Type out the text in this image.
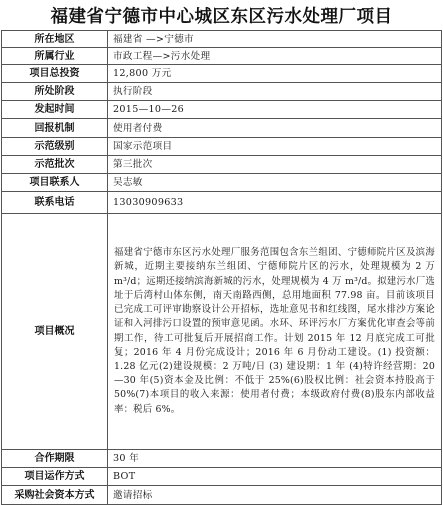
福建省宁德市中心城区东区污水处理厂项目
所在地区	福建省 —>宁德市
所属行业	市政工程—>污水处理
项目总投资	12,800 万元
所处阶段	执行阶段
发起时间	2015—10—26
回报机制	使用者付费
示范级别	国家示范项目
示范批次	第三批次
项目联系人	吴志敏
联系电话	13030909633
项目概况	福建省宁德市东区污水处理厂服务范围包含东兰组团、宁德师院片区及滨海新城，近期主要接纳东兰组团、宁德师院片区的污水，处理规模为 2 万 m³/d；远期还接纳滨海新城的污水，处理规模为 4 万 m³/d。拟建污水厂选址于后湾村山体东侧，南天南路西侧，总用地面积 77.98 亩。目前该项目已完成工可评审勘察设计公开招标，选址意见书和红线图，尾水排沙方案论证和入河排污口设置的预审意见函。水环、环评污水厂方案优化审查会等前期工作，待工可批复后开展招商工作。计划 2015 年 12 月底完成工可批复；2016 年 4 月份完成设计；2016 年 6 月份动工建设。(1) 投资额：1.28 亿元(2)建设规模：2 万吨/日 (3) 建设期：1 年 (4)特许经营期：20—30 年(5)资本金及比例：不低于 25%(6)股权比例：社会资本持股高于 50%(7)本项目的收入来源：使用者付费；本级政府付费(8)股东内部收益率：税后 6%。
合作期限	30 年
项目运作方式	BOT
采购社会资本方式	邀请招标
